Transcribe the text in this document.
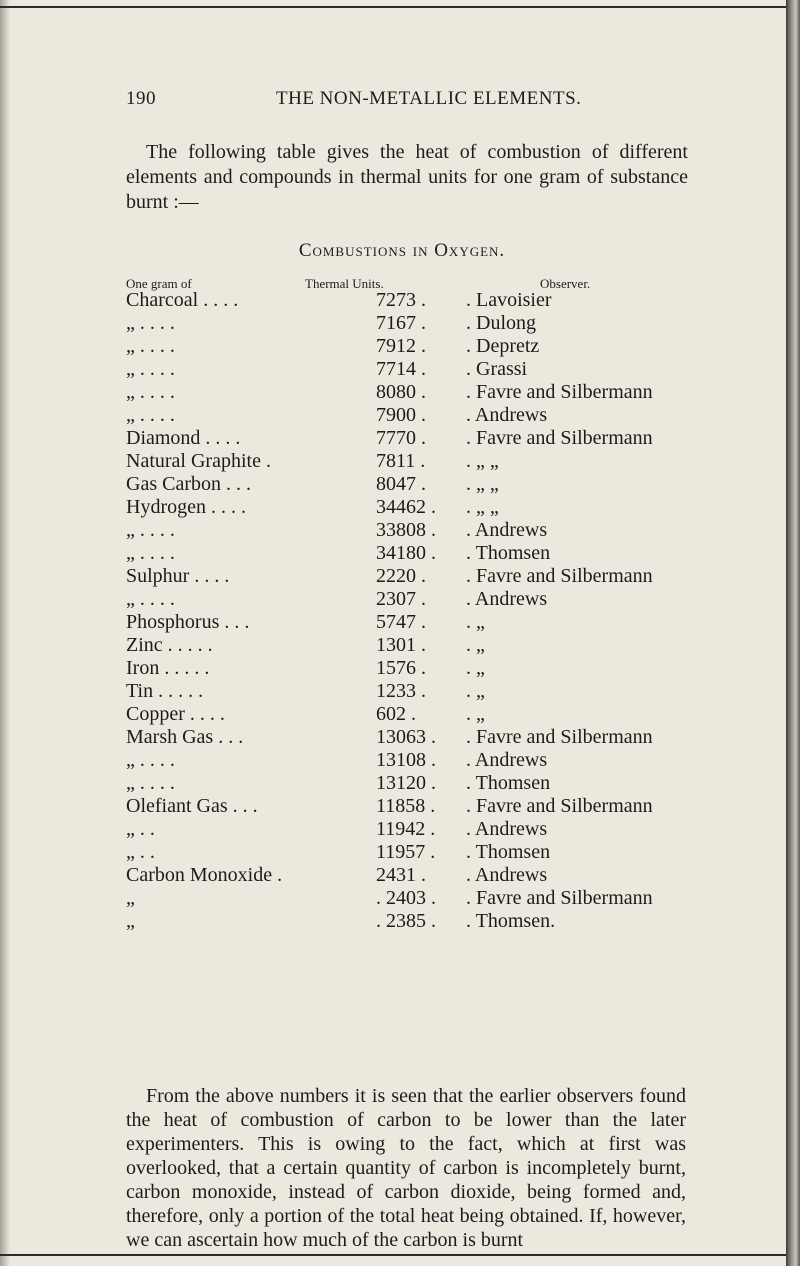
190	THE NON-METALLIC ELEMENTS.
The following table gives the heat of combustion of different elements and compounds in thermal units for one gram of substance burnt :—
Combustions in Oxygen.
One gram of	Thermal Units.	Observer.
Charcoal . . . .	7273 . . Lavoisier
„ . . . .	7167 . . Dulong
„ . . . .	7912 . . Depretz
„ . . . .	7714 . . Grassi
„ . . . .	8080 . . Favre and Silbermann
„ . . . .	7900 . . Andrews
Diamond . . . .	7770 . . Favre and Silbermann
Natural Graphite .	7811 . . „ „
Gas Carbon . . .	8047 . . „ „
Hydrogen . . . .	34462 . . „ „
„ . . . .	33808 . . Andrews
„ . . . .	34180 . . Thomsen
Sulphur . . . .	2220 . . Favre and Silbermann
„ . . . .	2307 . . Andrews
Phosphorus . . .	5747 . . „
Zinc . . . . .	1301 . . „
Iron . . . . .	1576 . . „
Tin . . . . .	1233 . . „
Copper . . . .	602 .	. „
Marsh Gas . . .	13063 . . Favre and Silbermann
„ . . . .	13108 . . Andrews
„ . . . .	13120 . . Thomsen
Olefiant Gas . . .	11858 . . Favre and Silbermann
„ . .	11942 . . Andrews
„ . .	11957 . . Thomsen
Carbon Monoxide .	2431 . . Andrews
„	. 2403 . . Favre and Silbermann
„	. 2385 . . Thomsen.
From the above numbers it is seen that the earlier observers found the heat of combustion of carbon to be lower than the later experimenters. This is owing to the fact, which at first was overlooked, that a certain quantity of carbon is incompletely burnt, carbon monoxide, instead of carbon dioxide, being formed and, therefore, only a portion of the total heat being obtained. If, however, we can ascertain how much of the carbon is burnt
